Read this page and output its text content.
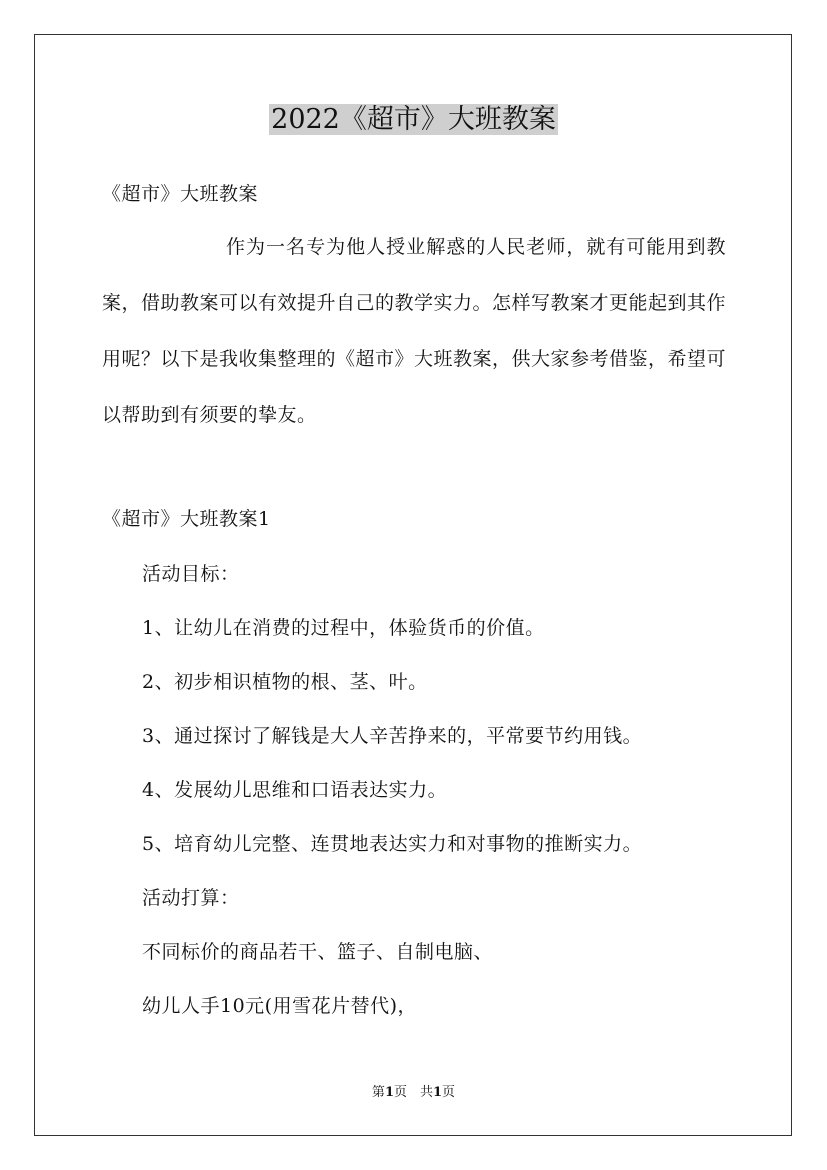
2022《超市》大班教案
《超市》大班教案
作为一名专为他人授业解惑的人民老师，就有可能用到教案，借助教案可以有效提升自己的教学实力。怎样写教案才更能起到其作用呢？以下是我收集整理的《超市》大班教案，供大家参考借鉴，希望可以帮助到有须要的挚友。
《超市》大班教案1
活动目标：
1、让幼儿在消费的过程中，体验货币的价值。
2、初步相识植物的根、茎、叶。
3、通过探讨了解钱是大人辛苦挣来的，平常要节约用钱。
4、发展幼儿思维和口语表达实力。
5、培育幼儿完整、连贯地表达实力和对事物的推断实力。
活动打算：
不同标价的商品若干、篮子、自制电脑、
幼儿人手10元(用雪花片替代)，
第1页　共1页
